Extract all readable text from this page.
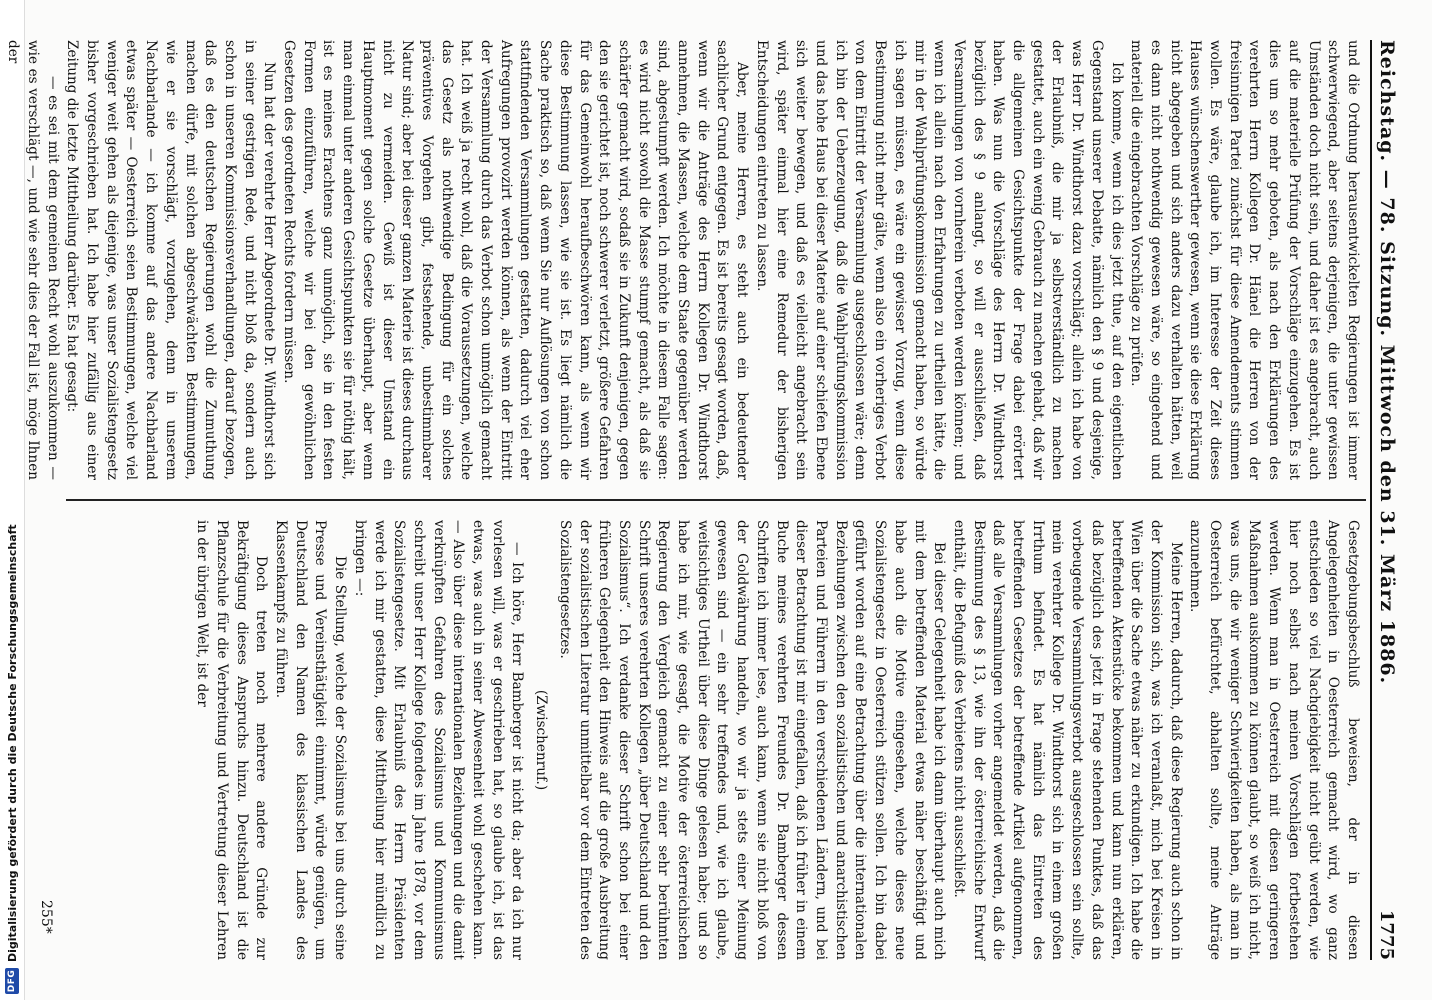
DFG
Digitalisierung gefördert durch die Deutsche Forschungsgemeinschaft
Reichstag. — 78. Sitzung. Mittwoch den 31. März 1886.
1775

und die Ordnung herausentwickelten Regierungen ist immer schwerwiegend, aber seitens derjenigen, die unter gewissen Umständen doch nicht sein, und daher ist es angebracht, auch auf die materielle Prüfung der Vorschläge einzugehen. Es ist dies um so mehr geboten, als nach den Erklärungen des verehrten Herrn Kollegen Dr. Hänel die Herren von der freisinnigen Partei zunächst für diese Amendements stimmen wollen. Es wäre, glaube ich, im Interesse der Zeit dieses Hauses wünschenswerther gewesen, wenn sie diese Erklärung nicht abgegeben und sich anders dazu verhalten hätten, weil es dann nicht nothwendig gewesen wäre, so eingehend und materiell die eingebrachten Vorschläge zu prüfen.

Ich komme, wenn ich dies jetzt thue, auf den eigentlichen Gegenstand unserer Debatte, nämlich den § 9 und desjenige, was Herr Dr. Windthorst dazu vorschlägt; allein ich habe von der Erlaubniß, die mir ja selbstverständlich zu machen gestattet, auch ein wenig Gebrauch zu machen gehabt, daß wir die allgemeinen Gesichtspunkte der Frage dabei erörtert haben. Was nun die Vorschläge des Herrn Dr. Windthorst bezüglich des § 9 anlangt, so will er ausschließen, daß Versammlungen von vornherein verboten werden können; und wenn ich allein nach den Erfahrungen zu urtheilen hätte, die mir in der Wahlprüfungskommission gemacht haben, so würde ich sagen müssen, es wäre ein gewisser Vorzug, wenn diese Bestimmung nicht mehr gälte, wenn also ein vorheriges Verbot von dem Eintritt der Versammlung ausgeschlossen wäre; denn ich bin der Ueberzeugung, daß die Wahlprüfungskommission und das hohe Haus bei dieser Materie auf einer schiefen Ebene sich weiter bewegen, und daß es vielleicht angebracht sein wird, später einmal hier eine Remedur der bisherigen Entscheidungen eintreten zu lassen.

Aber, meine Herren, es steht auch ein bedeutender sachlicher Grund entgegen. Es ist bereits gesagt worden, daß, wenn wir die Anträge des Herrn Kollegen Dr. Windthorst annehmen, die Massen, welche dem Staate gegenüber werden sind, abgestumpft werden. Ich möchte in diesem Falle sagen: es wird nicht sowohl die Masse stumpf gemacht, als daß sie schärfer gemacht wird, sodaß sie in Zukunft denjenigen, gegen den sie gerichtet ist, noch schwerer verletzt, größere Gefahren für das Gemeinwohl heraufbeschwören kann, als wenn wir diese Bestimmung lassen, wie sie ist. Es liegt nämlich die Sache praktisch so, daß wenn Sie nur Auflösungen von schon stattfindenden Versammlungen gestatten, dadurch viel eher Aufregungen provozirt werden können, als wenn der Eintritt der Versammlung durch das Verbot schon unmöglich gemacht hat. Ich weiß ja recht wohl, daß die Voraussetzungen, welche das Gesetz als nothwendige Bedingung für ein solches präventives Vorgehen gibt, festsehende, unbestimmbarer Natur sind; aber bei dieser ganzen Materie ist dieses durchaus nicht zu vermeiden. Gewiß ist dieser Umstand ein Hauptmoment gegen solche Gesetze überhaupt, aber wenn man einmal unter anderen Gesichtspunkten sie für nöthig hält, ist es meines Erachtens ganz unmöglich, sie in den festen Formen einzuführen, welche wir bei den gewöhnlichen Gesetzen des geordneten Rechts fordern müssen.

Nun hat der verehrte Herr Abgeordnete Dr. Windthorst sich in seiner gestrigen Rede, und nicht bloß da, sondern auch schon in unseren Kommissionsverhandlungen, darauf bezogen, daß es den deutschen Regierungen wohl die Zumuthung machen dürfe, mit solchen abgeschwächten Bestimmungen, wie er sie vorschlägt, vorzugehen, denn in unserem Nachbarlande — ich komme auf das andere Nachbarland etwas später — Oesterreich seien Bestimmungen, welche viel weniger weit gehen als diejenige, was unser Sozialistengesetz bisher vorgeschrieben hat. Ich habe hier zufällig aus einer Zeitung die letzte Mittheilung darüber. Es hat gesagt:

— es sei mit dem gemeinen Recht wohl auszukommen — wie es verschlägt —, und wie sehr dies der Fall ist, möge Ihnen der

Gesetzgebungsbeschluß beweisen, der in diesen Angelegenheiten in Oesterreich gemacht wird, wo ganz entschieden so viel Nachgiebigkeit nicht geübt werden, wie hier noch selbst nach meinen Vorschlägen fortbestehen werden. Wenn man in Oesterreich mit diesen geringeren Maßnahmen auskommen zu können glaubt, so weiß ich nicht, was uns, die wir weniger Schwierigkeiten haben, als man in Oesterreich befürchtet, abhalten sollte, meine Anträge anzunehmen.

Meine Herren, dadurch, daß diese Regierung auch schon in der Kommission sich, was ich veranlaßt, mich bei Kreisen in Wien über die Sache etwas näher zu erkundigen. Ich habe die betreffenden Aktenstücke bekommen und kann nun erklären, daß bezüglich des jetzt in Frage stehenden Punktes, daß das vorbeugende Versammlungsverbot ausgeschlossen sein sollte, mein verehrter Kollege Dr. Windthorst sich in einem großen Irrthum befindet. Es hat nämlich das Eintreten des betreffenden Gesetzes der betreffende Artikel aufgenommen, daß alle Versammlungen vorher angemeldet werden, daß die Bestimmung des § 13, wie ihn der österreichische Entwurf enthält, die Befugniß des Verbietens nicht ausschließt.

Bei dieser Gelegenheit habe ich dann überhaupt auch mich mit dem betreffenden Material etwas näher beschäftigt und habe auch die Motive eingesehen, welche dieses neue Sozialistengesetz in Oesterreich stützen sollen. Ich bin dabei geführt worden auf eine Betrachtung über die internationalen Beziehungen zwischen den sozialistischen und anarchistischen Parteien und Führern in den verschiedenen Ländern, und bei dieser Betrachtung ist mir eingefallen, daß ich früher in einem Buche meines verehrten Freundes Dr. Bamberger dessen Schriften ich immer lese, auch kann, wenn sie nicht bloß von der Goldwährung handeln, wo wir ja stets einer Meinung gewesen sind — ein sehr treffendes und, wie ich glaube, weitsichtiges Urtheil über diese Dinge gelesen habe; und so habe ich mir, wie gesagt, die Motive der österreichischen Regierung den Vergleich gemacht zu einer sehr berühmten Schrift unseres verehrten Kollegen „über Deutschland und den Sozialismus“. Ich verdanke dieser Schrift schon bei einer früheren Gelegenheit den Hinweis auf die große Ausbreitung der sozialistischen Literatur unmittelbar vor dem Eintreten des Sozialistengesetzes.

(Zwischenruf.)

— Ich höre, Herr Bamberger ist nicht da; aber da ich nur vorlesen will, was er geschrieben hat, so glaube ich, ist das etwas, was auch in seiner Abwesenheit wohl geschehen kann. — Also über diese internationalen Beziehungen und die damit verknüpften Gefahren des Sozialismus und Kommunismus schreibt unser Herr Kollege folgendes im Jahre 1878, vor dem Sozialistengesetze. Mit Erlaubniß des Herrn Präsidenten werde ich mir gestatten, diese Mittheilung hier mündlich zu bringen —:

Die Stellung, welche der Sozialismus bei uns durch seine Presse und Vereinsthätigkeit einnimmt, würde genügen, um Deutschland den Namen des klassischen Landes des Klassenkampfs zu führen.

Doch treten noch mehrere andere Gründe zur Bekräftigung dieses Anspruchs hinzu. Deutschland ist die Pflanzschule für die Verbreitung und Vertretung dieser Lehren in der übrigen Welt, ist der

255*
